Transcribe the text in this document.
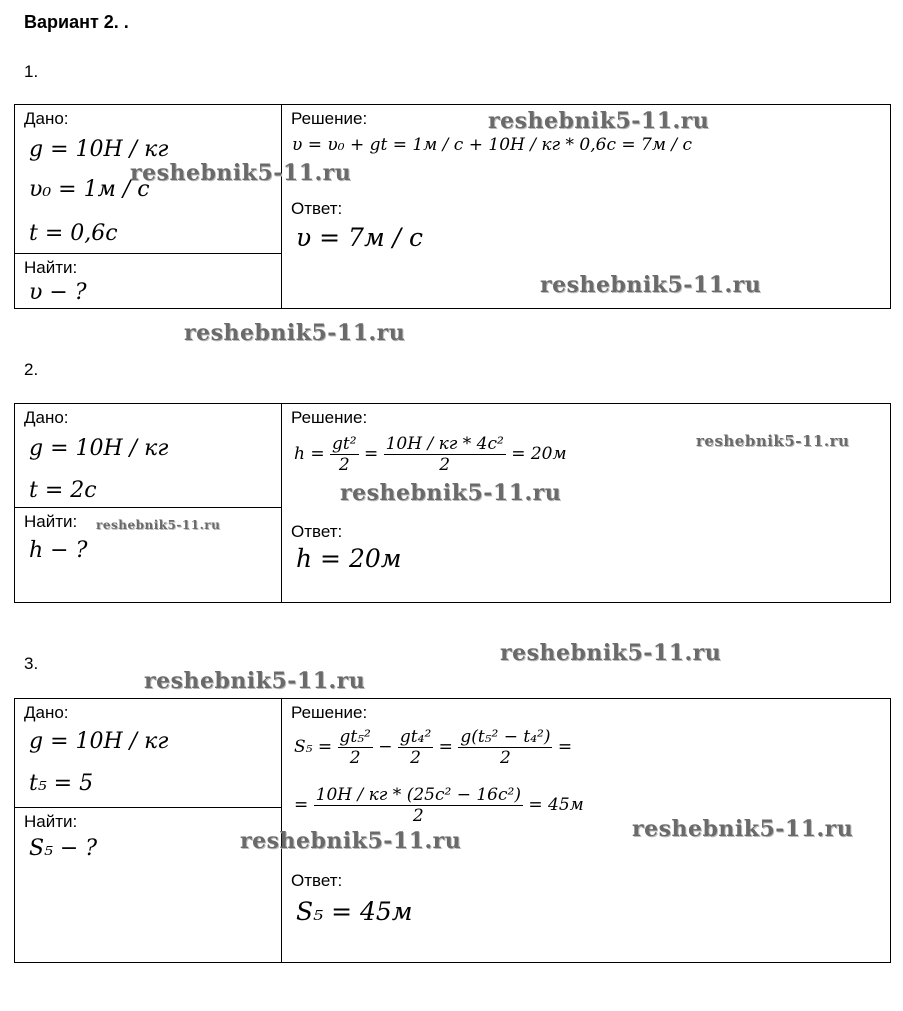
Вариант 2. .
1.
Дано:
g = 10H / кг
υ₀ = 1м / с
t = 0,6с
Найти:
υ − ?
Решение:
υ = υ₀ + gt = 1м / с + 10H / кг * 0,6с = 7м / с
Ответ:
υ = 7м / с
2.
Дано:
g = 10H / кг
t = 2с
Найти:
h − ?
Решение:
$h = \frac{\text{gt²}}{2} = \frac{\text{10H / кг * 4с²}}{2} = 20м$
Ответ:
h = 20м
3.
Дано:
g = 10H / кг
t₅ = 5
Найти:
S₅ − ?
Решение:
$S_5 = \frac{\text{gt₅²}}{2} - \frac{\text{gt₄²}}{2} = \frac{\text{g(t₅² − t₄²)}}{2}$ =
= $\frac{\text{10H / кг * (25с² − 16с²)}}{2} = 45м$
Ответ:
S₅ = 45м
reshebnik5-11.ru
reshebnik5-11.ru
reshebnik5-11.ru
reshebnik5-11.ru
reshebnik5-11.ru
reshebnik5-11.ru
reshebnik5-11.ru
reshebnik5-11.ru
reshebnik5-11.ru
reshebnik5-11.ru
reshebnik5-11.ru
